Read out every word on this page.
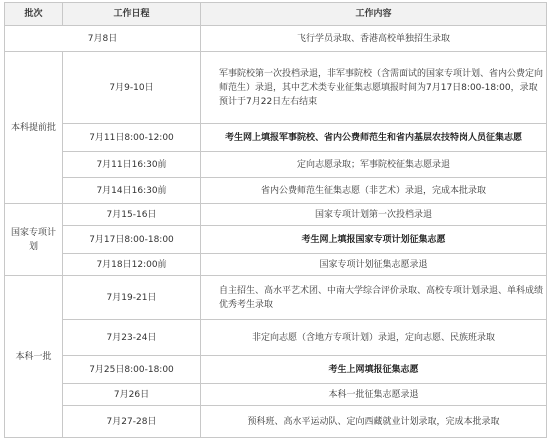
批次	工作日程	工作内容
7月8日		飞行学员录取、香港高校单独招生录取
本科提前批	7月9-10日	军事院校第一次投档录退，非军事院校（含需面试的国家专项计划、省内公费定向师范生）录退，其中艺术类专业征集志愿填报时间为7月17日8:00-18:00，录取预计于7月22日左右结束
	7月11日8:00-12:00	考生网上填报军事院校、省内公费师范生和省内基层农技特岗人员征集志愿
	7月11日16:30前	定向志愿录取；军事院校征集志愿录退
	7月14日16:30前	省内公费师范生征集志愿（非艺术）录退，完成本批录取
国家专项计划	7月15-16日	国家专项计划第一次投档录退
	7月17日8:00-18:00	考生网上填报国家专项计划征集志愿
	7月18日12:00前	国家专项计划征集志愿录退
本科一批	7月19-21日	自主招生、高水平艺术团、中南大学综合评价录取、高校专项计划录退、单科成绩优秀考生录取
	7月23-24日	非定向志愿（含地方专项计划）录退，定向志愿、民族班录取
	7月25日8:00-18:00	考生上网填报征集志愿
	7月26日	本科一批征集志愿录退
	7月27-28日	预科班、高水平运动队、定向西藏就业计划录取，完成本批录取
